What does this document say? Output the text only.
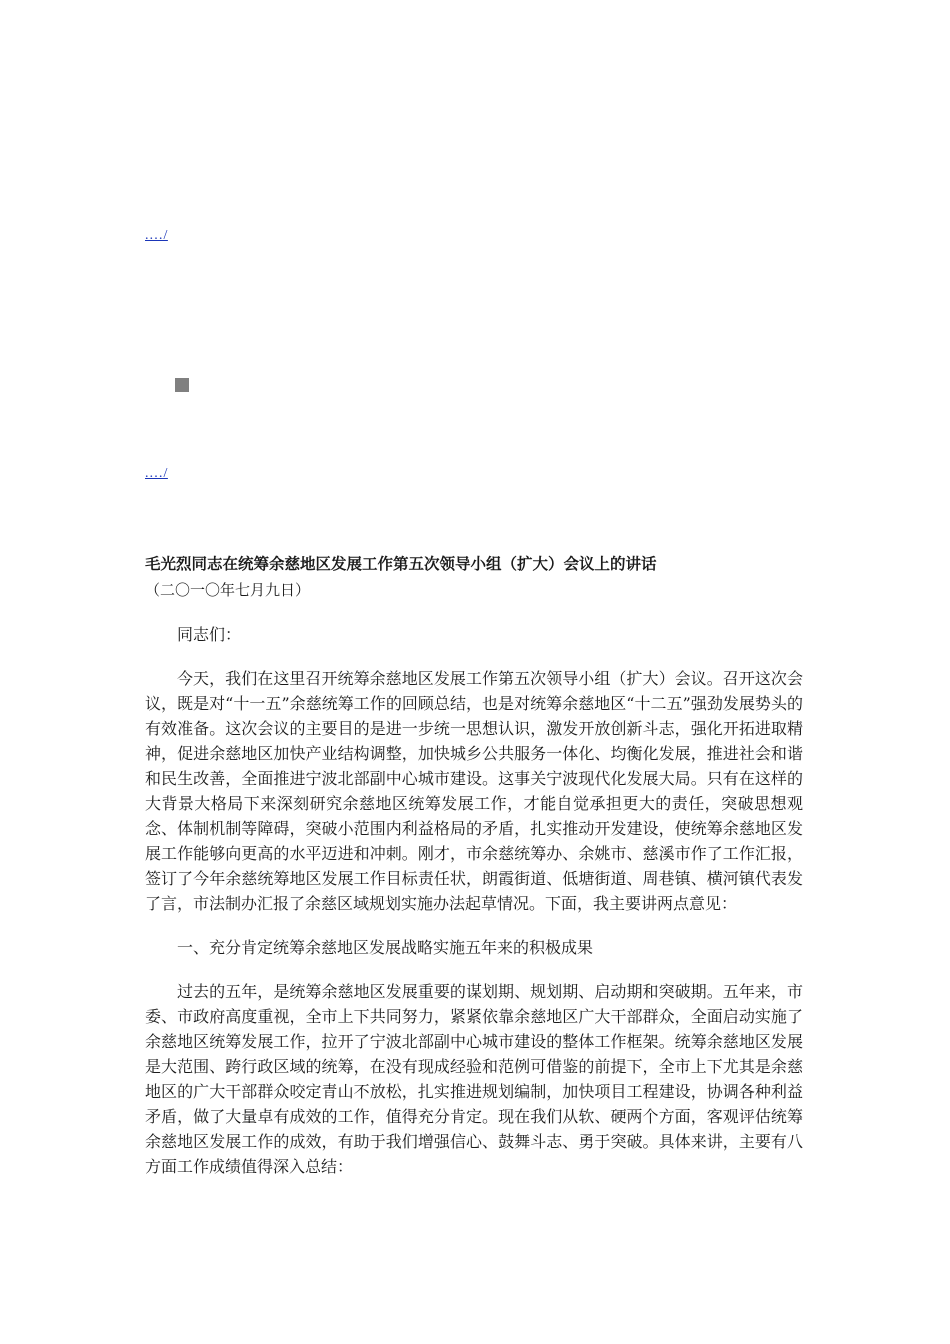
.…/
.…/

毛光烈同志在统筹余慈地区发展工作第五次领导小组（扩大）会议上的讲话

（二〇一〇年七月九日）

同志们：

今天，我们在这里召开统筹余慈地区发展工作第五次领导小组（扩大）会议。召开这次会议，既是对“十一五”余慈统筹工作的回顾总结，也是对统筹余慈地区“十二五”强劲发展势头的有效准备。这次会议的主要目的是进一步统一思想认识，激发开放创新斗志，强化开拓进取精神，促进余慈地区加快产业结构调整，加快城乡公共服务一体化、均衡化发展，推进社会和谐和民生改善，全面推进宁波北部副中心城市建设。这事关宁波现代化发展大局。只有在这样的大背景大格局下来深刻研究余慈地区统筹发展工作，才能自觉承担更大的责任，突破思想观念、体制机制等障碍，突破小范围内利益格局的矛盾，扎实推动开发建设，使统筹余慈地区发展工作能够向更高的水平迈进和冲刺。刚才，市余慈统筹办、余姚市、慈溪市作了工作汇报，签订了今年余慈统筹地区发展工作目标责任状，朗霞街道、低塘街道、周巷镇、横河镇代表发了言，市法制办汇报了余慈区域规划实施办法起草情况。下面，我主要讲两点意见：

一、充分肯定统筹余慈地区发展战略实施五年来的积极成果

过去的五年，是统筹余慈地区发展重要的谋划期、规划期、启动期和突破期。五年来，市委、市政府高度重视，全市上下共同努力，紧紧依靠余慈地区广大干部群众，全面启动实施了余慈地区统筹发展工作，拉开了宁波北部副中心城市建设的整体工作框架。统筹余慈地区发展是大范围、跨行政区域的统筹，在没有现成经验和范例可借鉴的前提下，全市上下尤其是余慈地区的广大干部群众咬定青山不放松，扎实推进规划编制，加快项目工程建设，协调各种利益矛盾，做了大量卓有成效的工作，值得充分肯定。现在我们从软、硬两个方面，客观评估统筹余慈地区发展工作的成效，有助于我们增强信心、鼓舞斗志、勇于突破。具体来讲，主要有八方面工作成绩值得深入总结：
